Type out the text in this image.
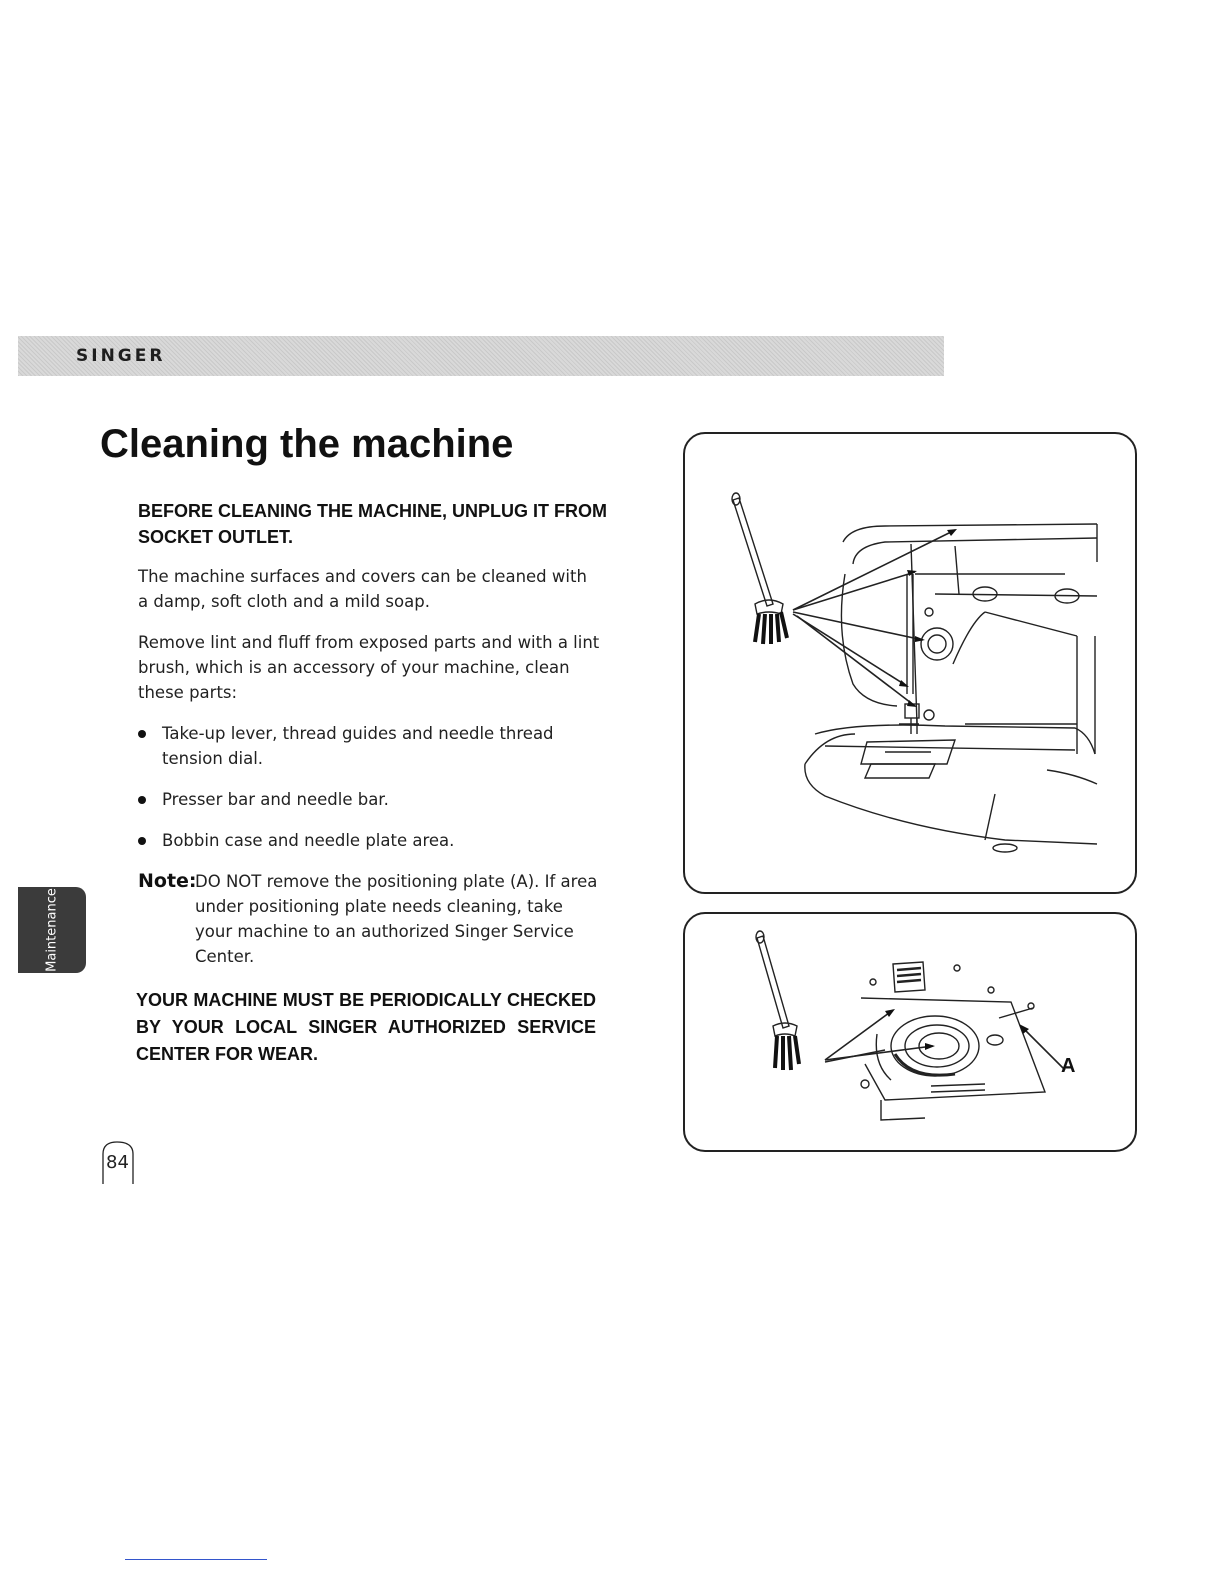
SINGER
Cleaning the machine
BEFORE CLEANING THE MACHINE, UNPLUG IT FROM SOCKET OUTLET.
The machine surfaces and covers can be cleaned with a damp, soft cloth and a mild soap.
Remove lint and fluff from exposed parts and with a lint brush, which is an accessory of your machine, clean these parts:
Take-up lever, thread guides and needle thread tension dial.
Presser bar and needle bar.
Bobbin case and needle plate area.
Note:
DO NOT remove the positioning plate (A). If area under positioning plate needs cleaning, take your machine to an authorized Singer Service Center.
YOUR MACHINE MUST BE PERIODICALLY CHECKED BY YOUR LOCAL SINGER AUTHORIZED SERVICE CENTER FOR WEAR.
Maintenance
84
A
